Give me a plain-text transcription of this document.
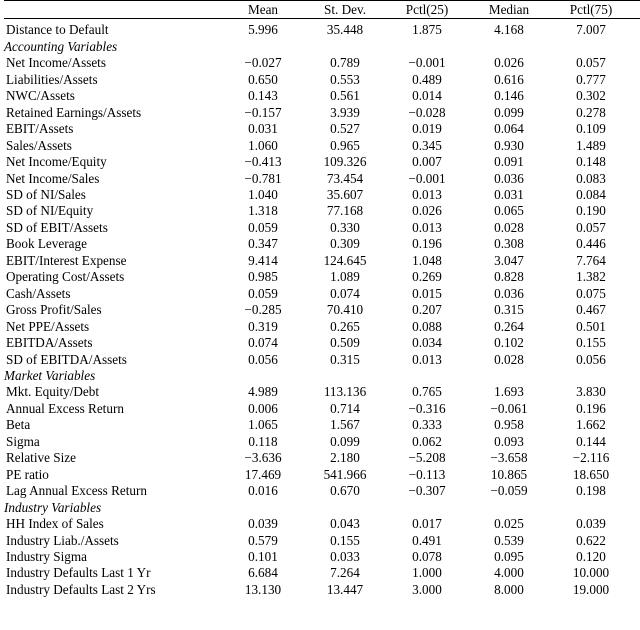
	Mean	St. Dev.	Pctl(25)	Median	Pctl(75)	

Distance to Default	5.996	35.448	1.875	4.168	7.007	
Accounting Variables						
Net Income/Assets	−0.027	0.789	−0.001	0.026	0.057	
Liabilities/Assets	0.650	0.553	0.489	0.616	0.777	
NWC/Assets	0.143	0.561	0.014	0.146	0.302	
Retained Earnings/Assets	−0.157	3.939	−0.028	0.099	0.278	
EBIT/Assets	0.031	0.527	0.019	0.064	0.109	
Sales/Assets	1.060	0.965	0.345	0.930	1.489	
Net Income/Equity	−0.413	109.326	0.007	0.091	0.148	
Net Income/Sales	−0.781	73.454	−0.001	0.036	0.083	
SD of NI/Sales	1.040	35.607	0.013	0.031	0.084	
SD of NI/Equity	1.318	77.168	0.026	0.065	0.190	
SD of EBIT/Assets	0.059	0.330	0.013	0.028	0.057	
Book Leverage	0.347	0.309	0.196	0.308	0.446	
EBIT/Interest Expense	9.414	124.645	1.048	3.047	7.764	
Operating Cost/Assets	0.985	1.089	0.269	0.828	1.382	
Cash/Assets	0.059	0.074	0.015	0.036	0.075	
Gross Profit/Sales	−0.285	70.410	0.207	0.315	0.467	
Net PPE/Assets	0.319	0.265	0.088	0.264	0.501	
EBITDA/Assets	0.074	0.509	0.034	0.102	0.155	
SD of EBITDA/Assets	0.056	0.315	0.013	0.028	0.056	
Market Variables						
Mkt. Equity/Debt	4.989	113.136	0.765	1.693	3.830	
Annual Excess Return	0.006	0.714	−0.316	−0.061	0.196	
Beta	1.065	1.567	0.333	0.958	1.662	
Sigma	0.118	0.099	0.062	0.093	0.144	
Relative Size	−3.636	2.180	−5.208	−3.658	−2.116	
PE ratio	17.469	541.966	−0.113	10.865	18.650	
Lag Annual Excess Return	0.016	0.670	−0.307	−0.059	0.198	
Industry Variables						
HH Index of Sales	0.039	0.043	0.017	0.025	0.039	
Industry Liab./Assets	0.579	0.155	0.491	0.539	0.622	
Industry Sigma	0.101	0.033	0.078	0.095	0.120	
Industry Defaults Last 1 Yr	6.684	7.264	1.000	4.000	10.000	
Industry Defaults Last 2 Yrs	13.130	13.447	3.000	8.000	19.000	
